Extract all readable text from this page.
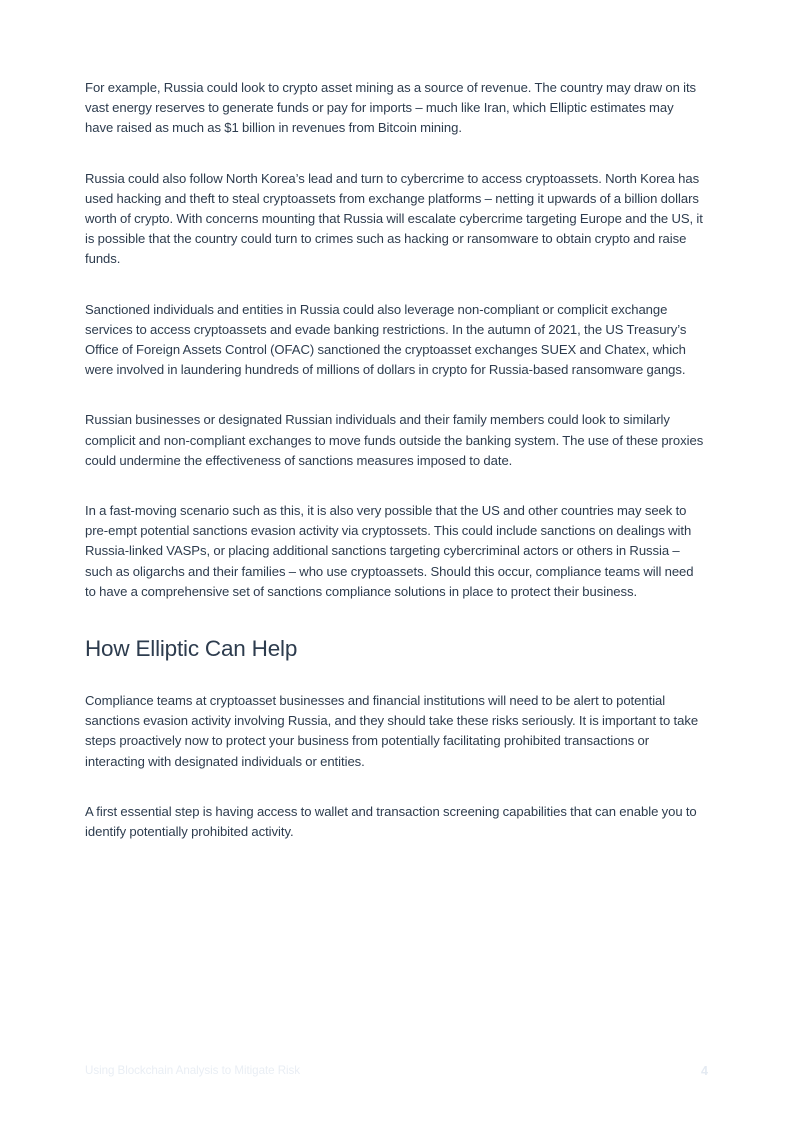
For example, Russia could look to crypto asset mining as a source of revenue. The country may draw on its vast energy reserves to generate funds or pay for imports – much like Iran, which Elliptic estimates may have raised as much as $1 billion in revenues from Bitcoin mining.

Russia could also follow North Korea’s lead and turn to cybercrime to access cryptoassets. North Korea has used hacking and theft to steal cryptoassets from exchange platforms – netting it upwards of a billion dollars worth of crypto. With concerns mounting that Russia will escalate cybercrime targeting Europe and the US, it is possible that the country could turn to crimes such as hacking or ransomware to obtain crypto and raise funds.

Sanctioned individuals and entities in Russia could also leverage non-compliant or complicit exchange services to access cryptoassets and evade banking restrictions. In the autumn of 2021, the US Treasury’s Office of Foreign Assets Control (OFAC) sanctioned the cryptoasset exchanges SUEX and Chatex, which were involved in laundering hundreds of millions of dollars in crypto for Russia-based ransomware gangs.

Russian businesses or designated Russian individuals and their family members could look to similarly complicit and non-compliant exchanges to move funds outside the banking system. The use of these proxies could undermine the effectiveness of sanctions measures imposed to date.

In a fast-moving scenario such as this, it is also very possible that the US and other countries may seek to pre-empt potential sanctions evasion activity via cryptossets. This could include sanctions on dealings with Russia-linked VASPs, or placing additional sanctions targeting cybercriminal actors or others in Russia – such as oligarchs and their families – who use cryptoassets. Should this occur, compliance teams will need to have a comprehensive set of sanctions compliance solutions in place to protect their business.

How Elliptic Can Help

Compliance teams at cryptoasset businesses and financial institutions will need to be alert to potential sanctions evasion activity involving Russia, and they should take these risks seriously. It is important to take steps proactively now to protect your business from potentially facilitating prohibited transactions or interacting with designated individuals or entities.

A first essential step is having access to wallet and transaction screening capabilities that can enable you to identify potentially prohibited activity.

Using Blockchain Analysis to Mitigate Risk	4
